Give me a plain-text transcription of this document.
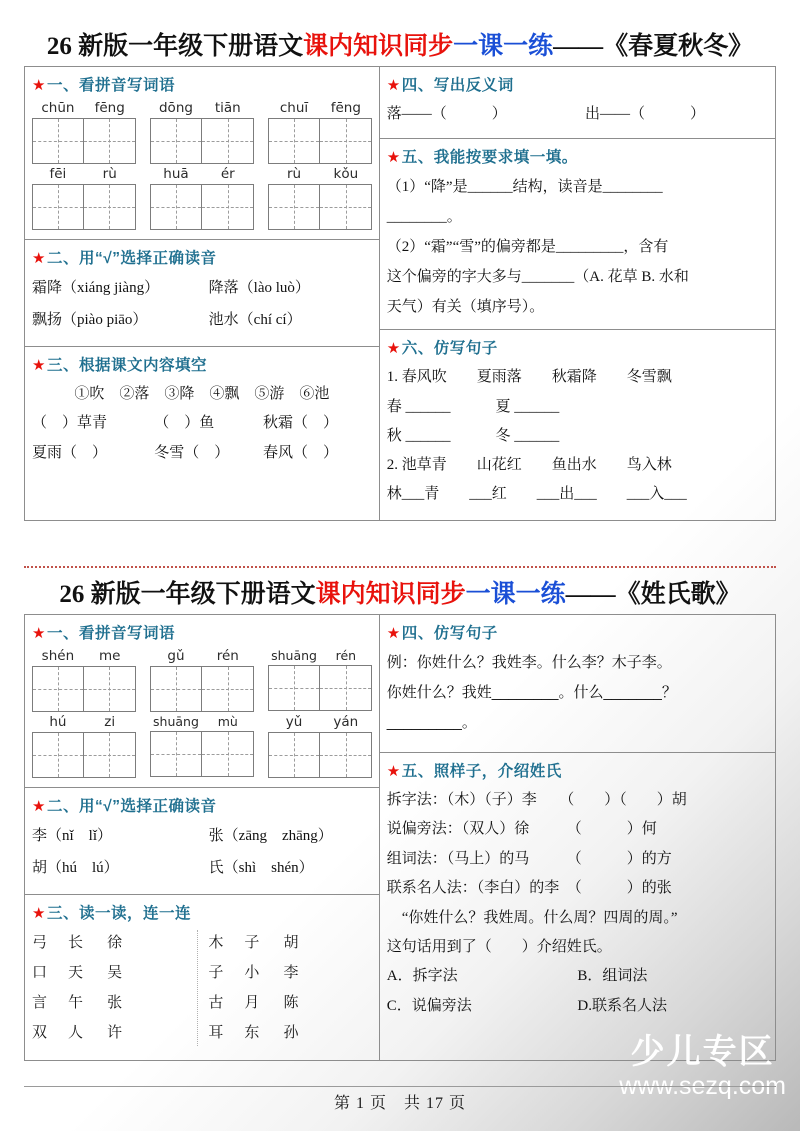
26 新版一年级下册语文课内知识同步一课一练——《春夏秋冬》
★一、看拼音写词语
chūn	fēng	dōng	tiān	chuī	fēng
fēi	rù	huā	ér	rù	kǒu
★二、用“√”选择正确读音
霜降（xiáng jiàng）	降落（lào luò）
飘扬（piào piāo）	池水（chí cí）
★三、根据课文内容填空
①吹　②落　③降　④飘　⑤游　⑥池
（　）草青	（　）鱼	秋霜（　）
夏雨（　）	冬雪（　）	春风（　）
★四、写出反义词
落——（　　　）	出——（　　　）
★五、我能按要求填一填。
（1）“降”是______结构，读音是________
________。
（2）“霜”“雪”的偏旁都是_________，含有
这个偏旁的字大多与_______（A. 花草 B. 水和
天气）有关（填序号）。
★六、仿写句子
1. 春风吹　　夏雨落　　秋霜降　　冬雪飘
春 ______　　　夏 ______
秋 ______　　　冬 ______
2. 池草青　　山花红　　鱼出水　　鸟入林
林___青　　___红　　___出___　　___入___
26 新版一年级下册语文课内知识同步一课一练——《姓氏歌》
★一、看拼音写词语
shén	me	gǔ	rén	shuāng	rén
hú	zi	shuāng	mù	yǔ	yán
★二、用“√”选择正确读音
李（nǐ　lǐ）	张（zāng　zhāng）
胡（hú　lú）	氏（shì　shén）
★三、读一读，连一连
弓	长	徐
口	天	吴
言	午	张
双	人	许
木	子	胡
子	小	李
古	月	陈
耳	东	孙
★四、仿写句子
例：你姓什么？我姓李。什么李？木子李。
你姓什么？我姓________。什么_______？
_________。
★五、照样子，介绍姓氏
拆字法：（木）（子）李　　（　　）（　　）胡
说偏旁法：（双人）徐　　　（　　　）何
组词法：（马上）的马　　　（　　　）的方
联系名人法：（李白）的李　（　　　）的张
　“你姓什么？我姓周。什么周？四周的周。”
这句话用到了（　　）介绍姓氏。
A．拆字法	B．组词法
C．说偏旁法	D.联系名人法
少儿专区
www.sezq.com
第 1 页　共 17 页
